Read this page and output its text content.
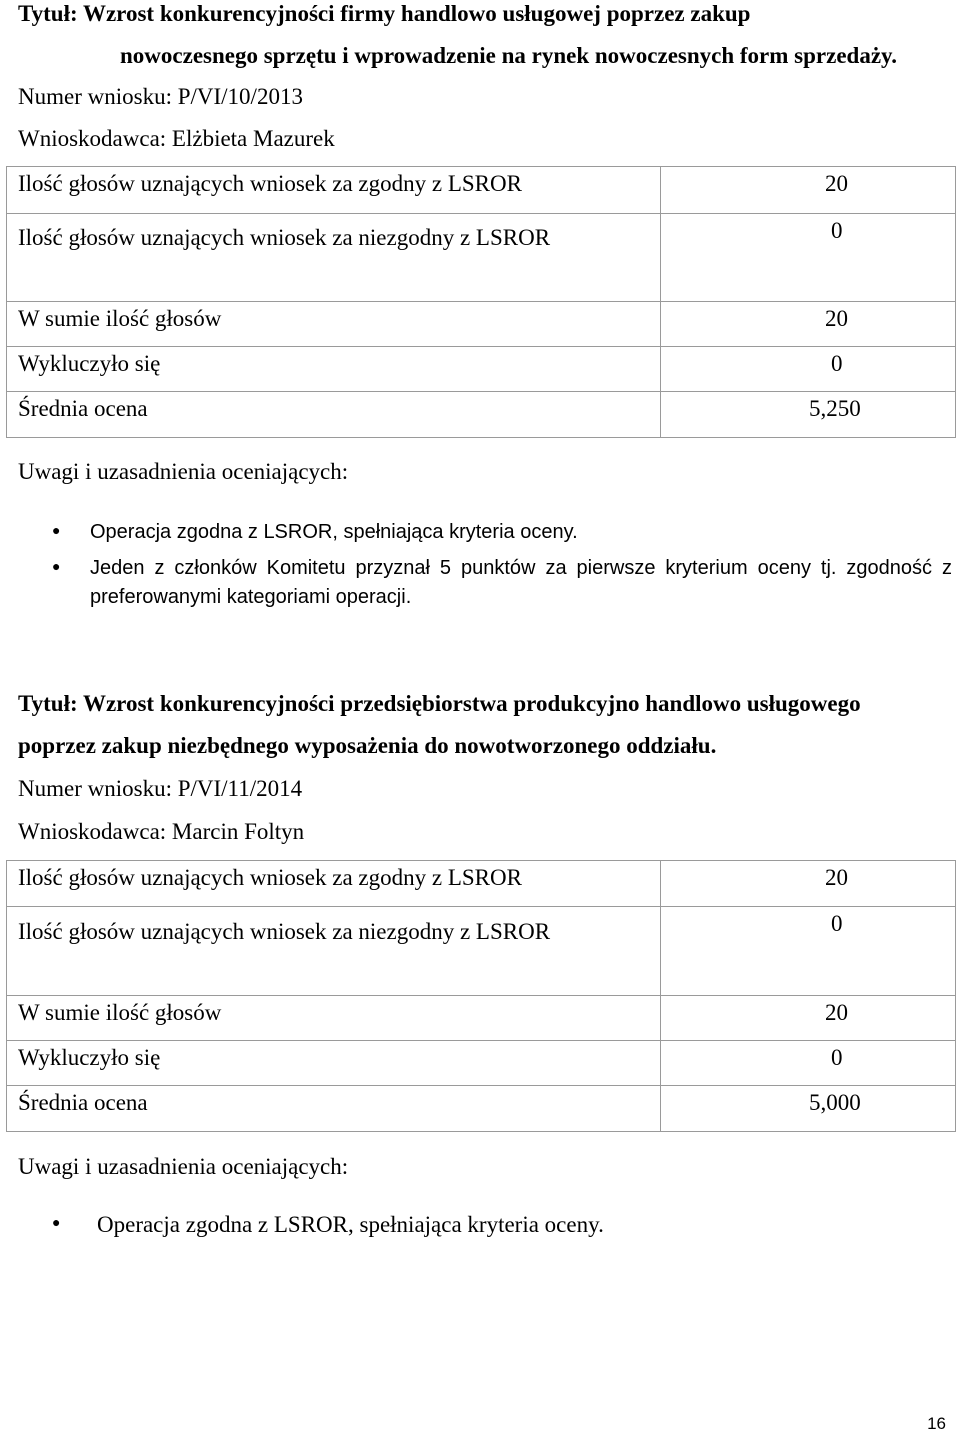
Tytuł: Wzrost konkurencyjności firmy handlowo usługowej poprzez zakup
nowoczesnego sprzętu i wprowadzenie na rynek nowoczesnych form sprzedaży.
Numer wniosku: P/VI/10/2013
Wnioskodawca: Elżbieta Mazurek
Ilość głosów uznających wniosek za zgodny z LSROR	20
Ilość głosów uznających wniosek za niezgodny z LSROR	0
W sumie ilość głosów	20
Wykluczyło się	0
Średnia ocena	5,250
Uwagi i uzasadnienia oceniających:
● Operacja zgodna z LSROR, spełniająca kryteria oceny.
● Jeden z członków Komitetu przyznał 5 punktów za pierwsze kryterium oceny tj. zgodność z preferowanymi kategoriami operacji.
Tytuł: Wzrost konkurencyjności przedsiębiorstwa produkcyjno handlowo usługowego
poprzez zakup niezbędnego wyposażenia do nowotworzonego oddziału.
Numer wniosku: P/VI/11/2014
Wnioskodawca: Marcin Foltyn
Ilość głosów uznających wniosek za zgodny z LSROR	20
Ilość głosów uznających wniosek za niezgodny z LSROR	0
W sumie ilość głosów	20
Wykluczyło się	0
Średnia ocena	5,000
Uwagi i uzasadnienia oceniających:
● Operacja zgodna z LSROR, spełniająca kryteria oceny.
16
